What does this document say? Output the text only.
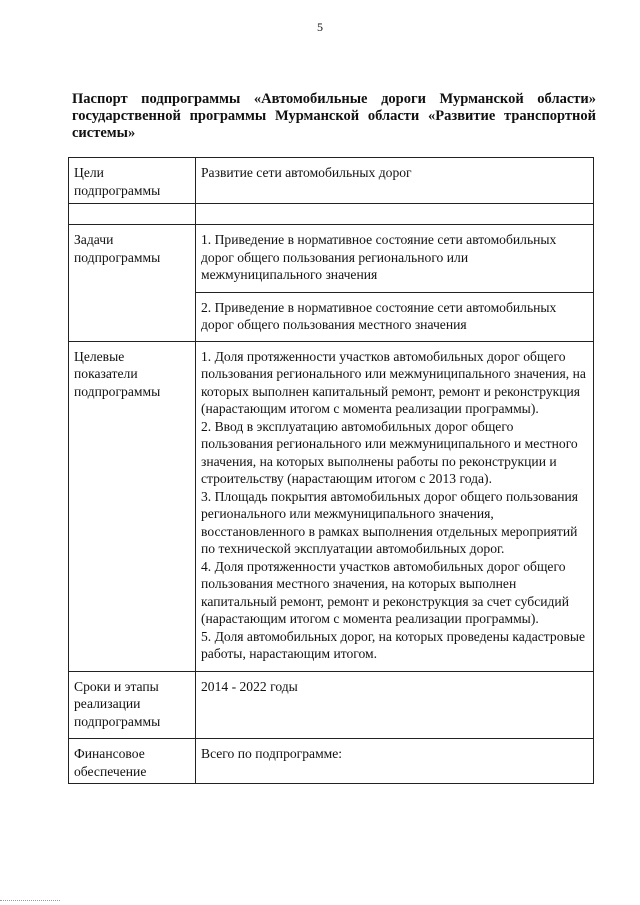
5
Паспорт подпрограммы «Автомобильные дороги Мурманской области» государственной программы Мурманской области «Развитие транспортной системы»
Цели подпрограммы	Развитие сети автомобильных дорог

Задачи подпрограммы	1. Приведение в нормативное состояние сети автомобильных дорог общего пользования регионального или межмуниципального значения
	2. Приведение в нормативное состояние сети автомобильных дорог общего пользования местного значения
Целевые показатели подпрограммы	1. Доля протяженности участков автомобильных дорог общего пользования регионального или межмуниципального значения, на которых выполнен капитальный ремонт, ремонт и реконструкция (нарастающим итогом с момента реализации программы).
2. Ввод в эксплуатацию автомобильных дорог общего пользования регионального или межмуниципального и местного значения, на которых выполнены работы по реконструкции и строительству (нарастающим итогом с 2013 года).
3. Площадь покрытия автомобильных дорог общего пользования регионального или межмуниципального значения, восстановленного в рамках выполнения отдельных мероприятий по технической эксплуатации автомобильных дорог.
4. Доля протяженности участков автомобильных дорог общего пользования местного значения, на которых выполнен капитальный ремонт, ремонт и реконструкция за счет субсидий (нарастающим итогом с момента реализации программы).
5. Доля автомобильных дорог, на которых проведены кадастровые работы, нарастающим итогом.

Сроки и этапы реализации подпрограммы	2014 - 2022 годы
Финансовое обеспечение	Всего по подпрограмме:
